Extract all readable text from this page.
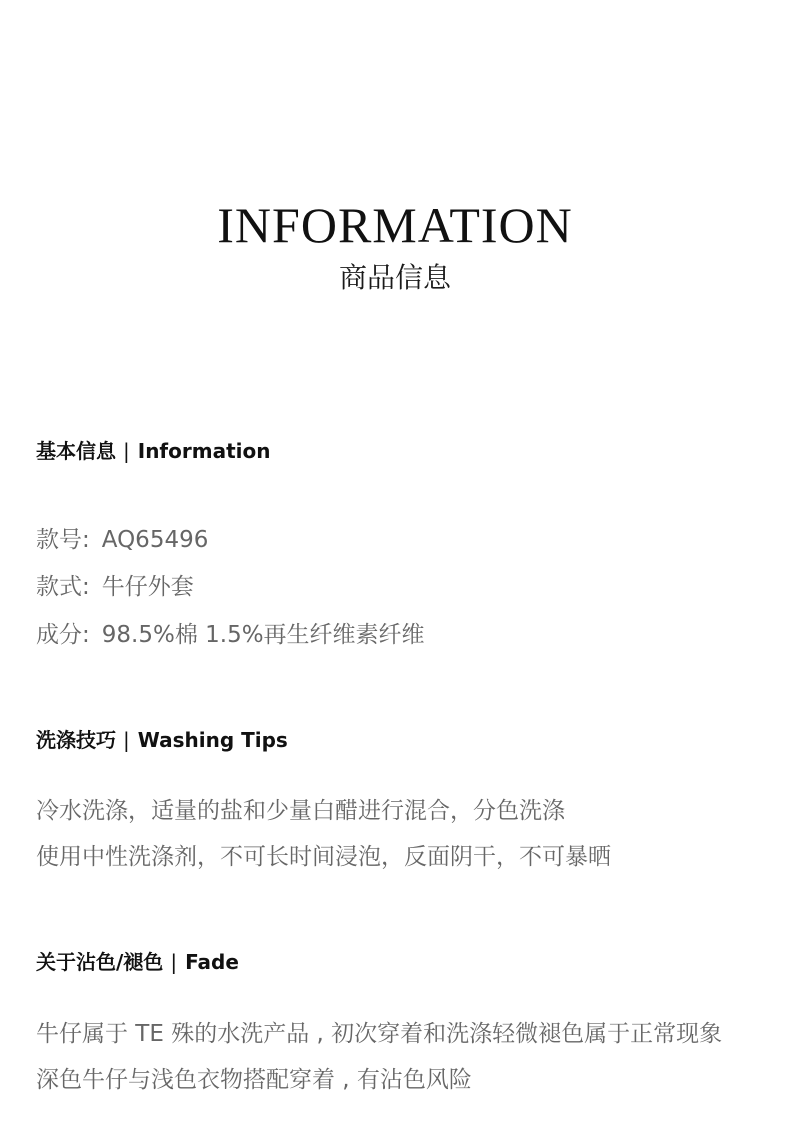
INFORMATION
商品信息
基本信息 | Information
款号: AQ65496
款式: 牛仔外套
成分: 98.5%棉 1.5%再生纤维素纤维
洗涤技巧 | Washing Tips
冷水洗涤，适量的盐和少量白醋进行混合，分色洗涤
使用中性洗涤剂，不可长时间浸泡，反面阴干，不可暴晒
关于沾色/褪色 | Fade
牛仔属于 TE 殊的水洗产品 , 初次穿着和洗涤轻微褪色属于正常现象
深色牛仔与浅色衣物搭配穿着 , 有沾色风险
